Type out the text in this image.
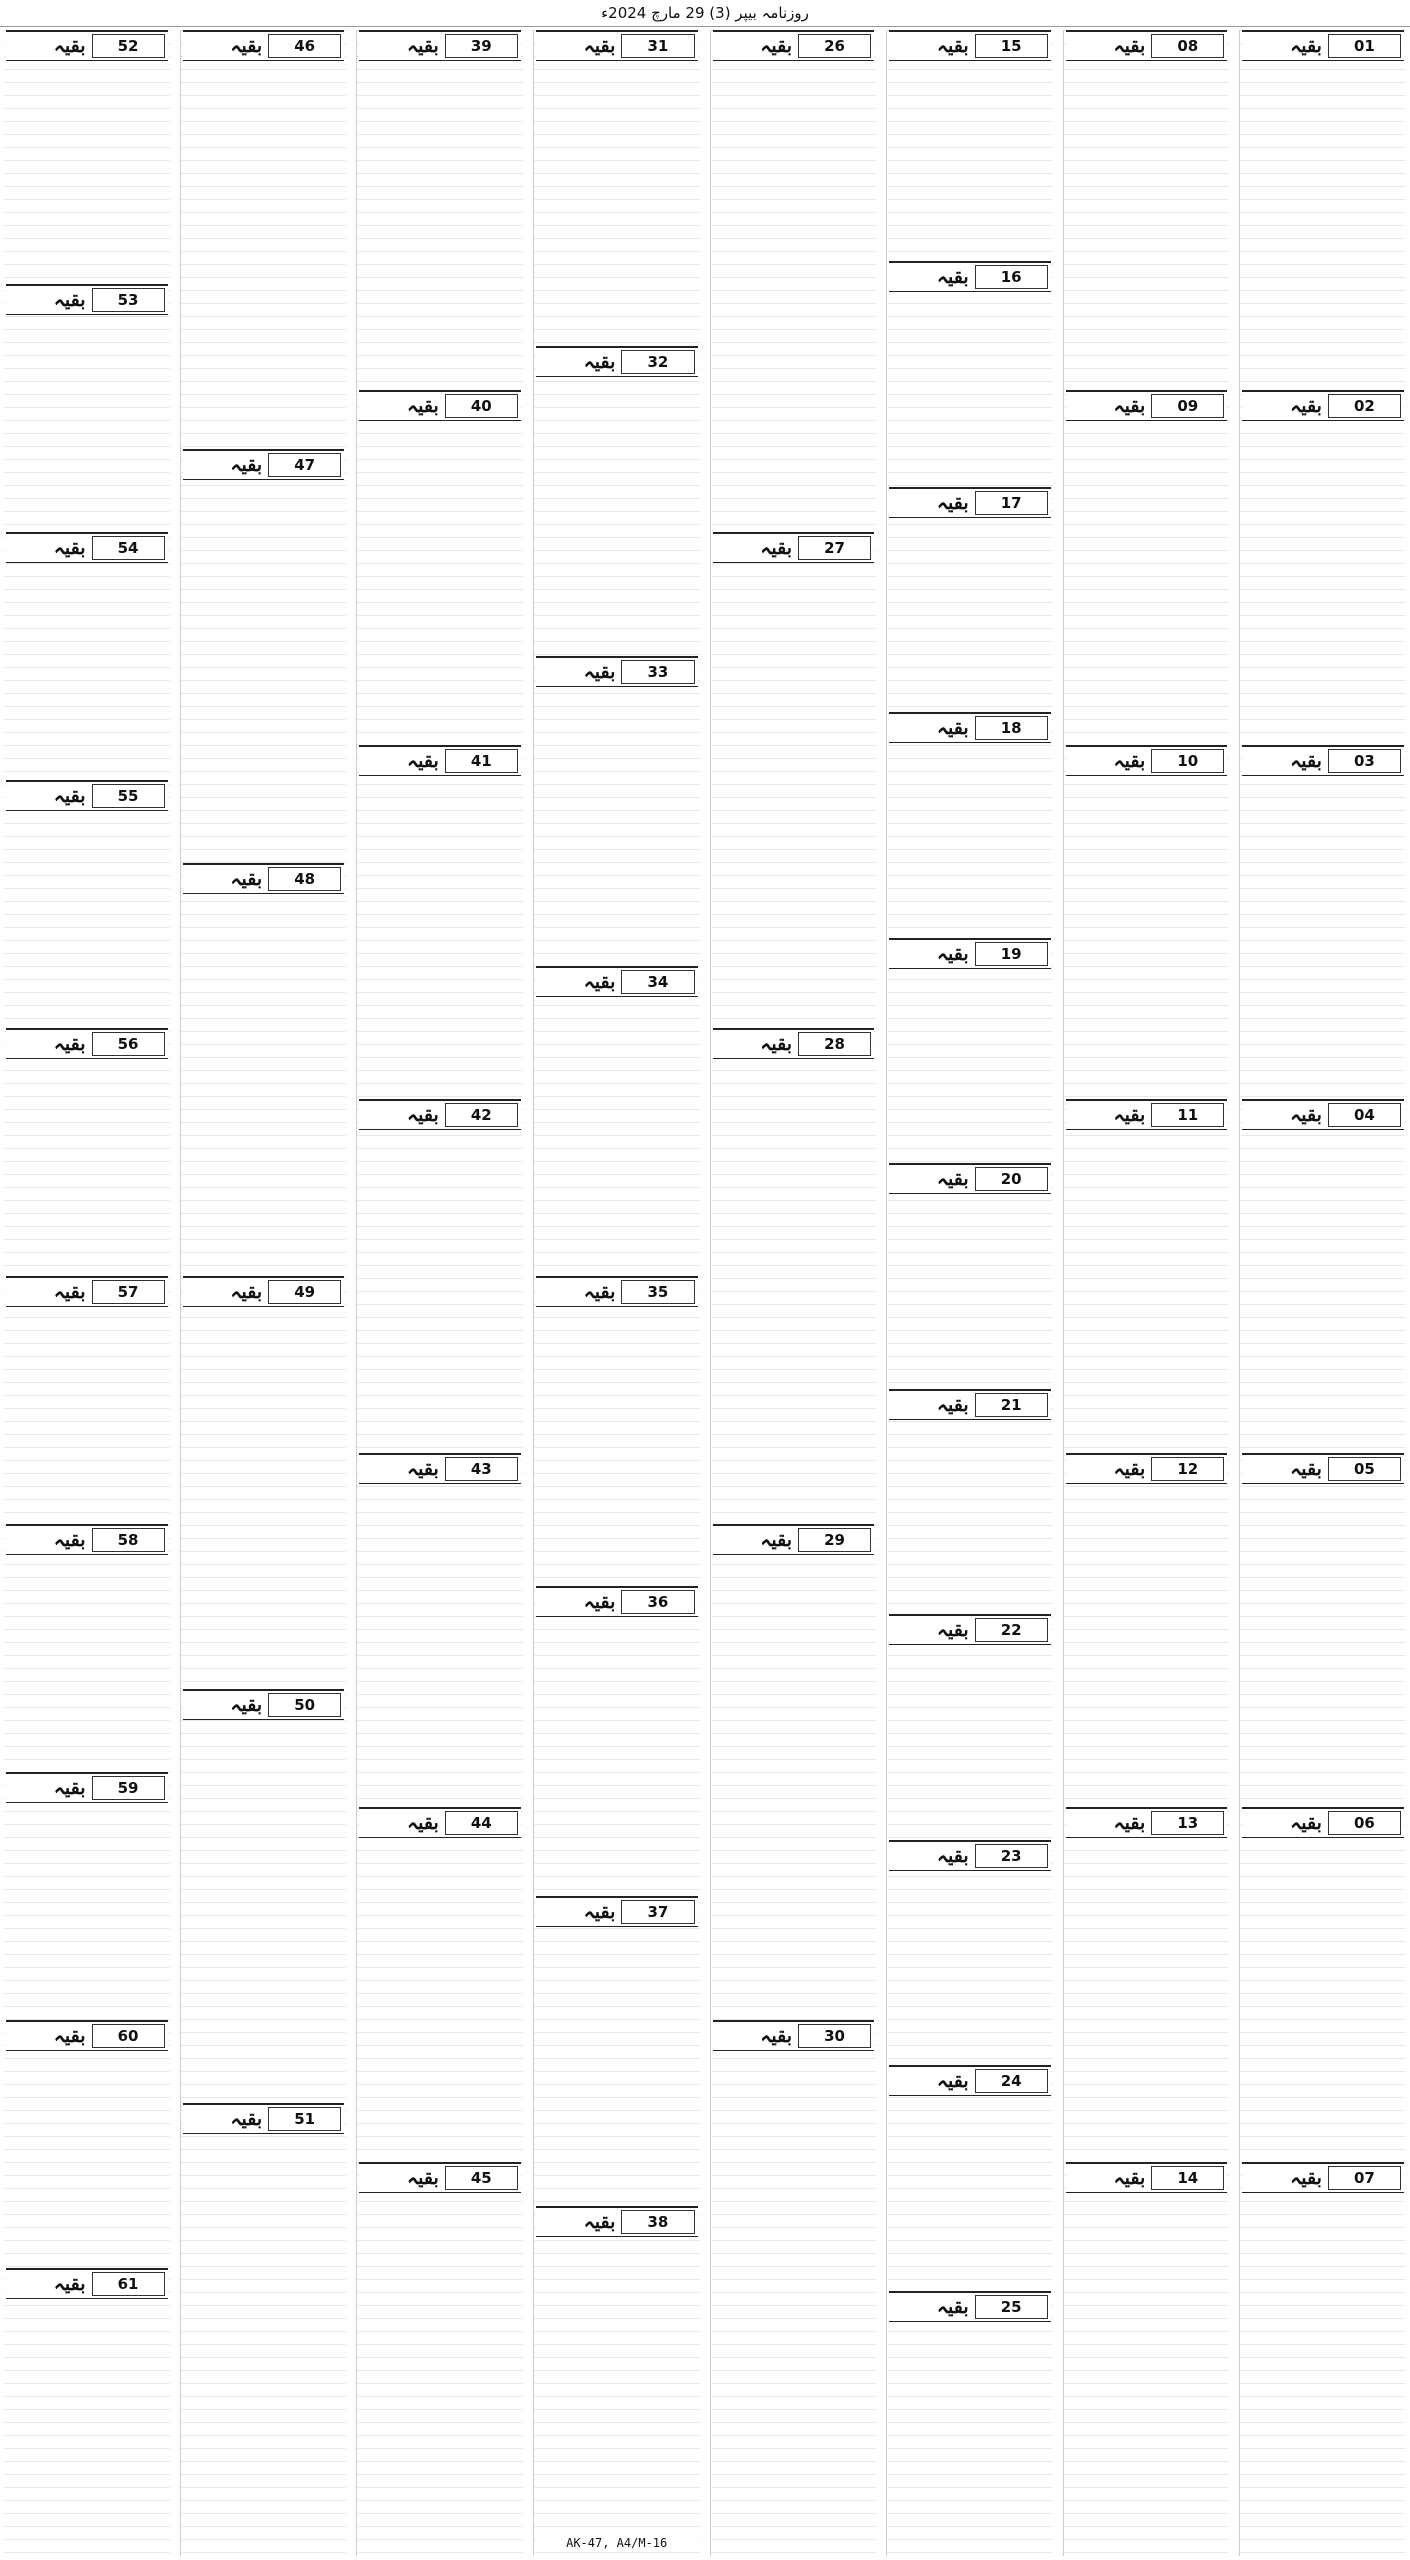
روزنامہ بیپر (3) 29 مارچ 2024ء
01
بقیہ
02
بقیہ
03
بقیہ
04
بقیہ
05
بقیہ
06
بقیہ
07
بقیہ
08
بقیہ
09
بقیہ
10
بقیہ
11
بقیہ
12
بقیہ
13
بقیہ
14
بقیہ
15
بقیہ
16
بقیہ
17
بقیہ
18
بقیہ
19
بقیہ
20
بقیہ
21
بقیہ
22
بقیہ
23
بقیہ
24
بقیہ
25
بقیہ
26
بقیہ
27
بقیہ
28
بقیہ
29
بقیہ
30
بقیہ
31
بقیہ
32
بقیہ
33
بقیہ
34
بقیہ
35
بقیہ
36
بقیہ
37
بقیہ
38
بقیہ
AK-47, A4/M-16
39
بقیہ
40
بقیہ
41
بقیہ
42
بقیہ
43
بقیہ
44
بقیہ
45
بقیہ
46
بقیہ
47
بقیہ
48
بقیہ
49
بقیہ
50
بقیہ
51
بقیہ
52
بقیہ
53
بقیہ
54
بقیہ
55
بقیہ
56
بقیہ
57
بقیہ
58
بقیہ
59
بقیہ
60
بقیہ
61
بقیہ
